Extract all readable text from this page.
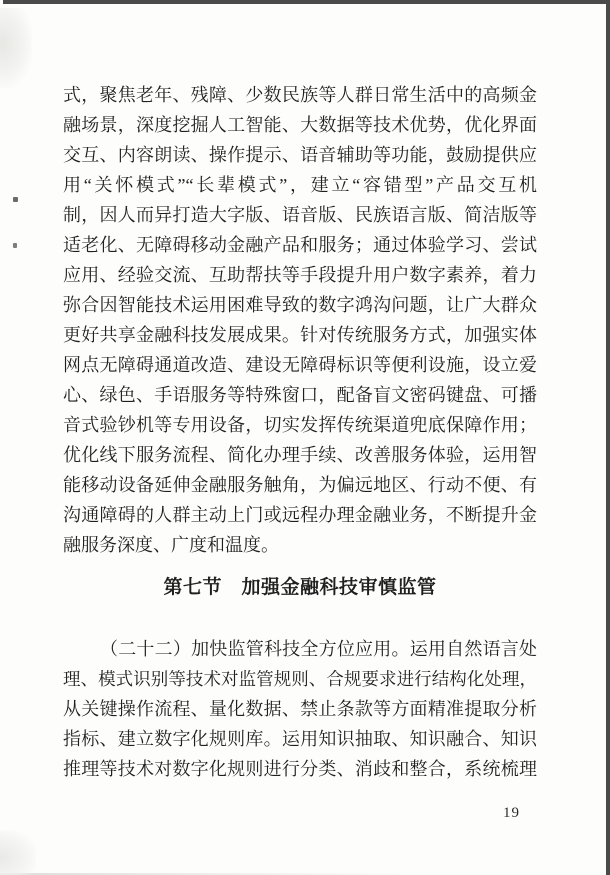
式，聚焦老年、残障、少数民族等人群日常生活中的高频金
融场景，深度挖掘人工智能、大数据等技术优势，优化界面
交互、内容朗读、操作提示、语音辅助等功能，鼓励提供应
用“关怀模式”“长辈模式”，建立“容错型”产品交互机
制，因人而异打造大字版、语音版、民族语言版、简洁版等
适老化、无障碍移动金融产品和服务；通过体验学习、尝试
应用、经验交流、互助帮扶等手段提升用户数字素养，着力
弥合因智能技术运用困难导致的数字鸿沟问题，让广大群众
更好共享金融科技发展成果。针对传统服务方式，加强实体
网点无障碍通道改造、建设无障碍标识等便利设施，设立爱
心、绿色、手语服务等特殊窗口，配备盲文密码键盘、可播
音式验钞机等专用设备，切实发挥传统渠道兜底保障作用；
优化线下服务流程、简化办理手续、改善服务体验，运用智
能移动设备延伸金融服务触角，为偏远地区、行动不便、有
沟通障碍的人群主动上门或远程办理金融业务，不断提升金
融服务深度、广度和温度。
第七节　加强金融科技审慎监管
（二十二）加快监管科技全方位应用。运用自然语言处
理、模式识别等技术对监管规则、合规要求进行结构化处理，
从关键操作流程、量化数据、禁止条款等方面精准提取分析
指标、建立数字化规则库。运用知识抽取、知识融合、知识
推理等技术对数字化规则进行分类、消歧和整合，系统梳理
19
